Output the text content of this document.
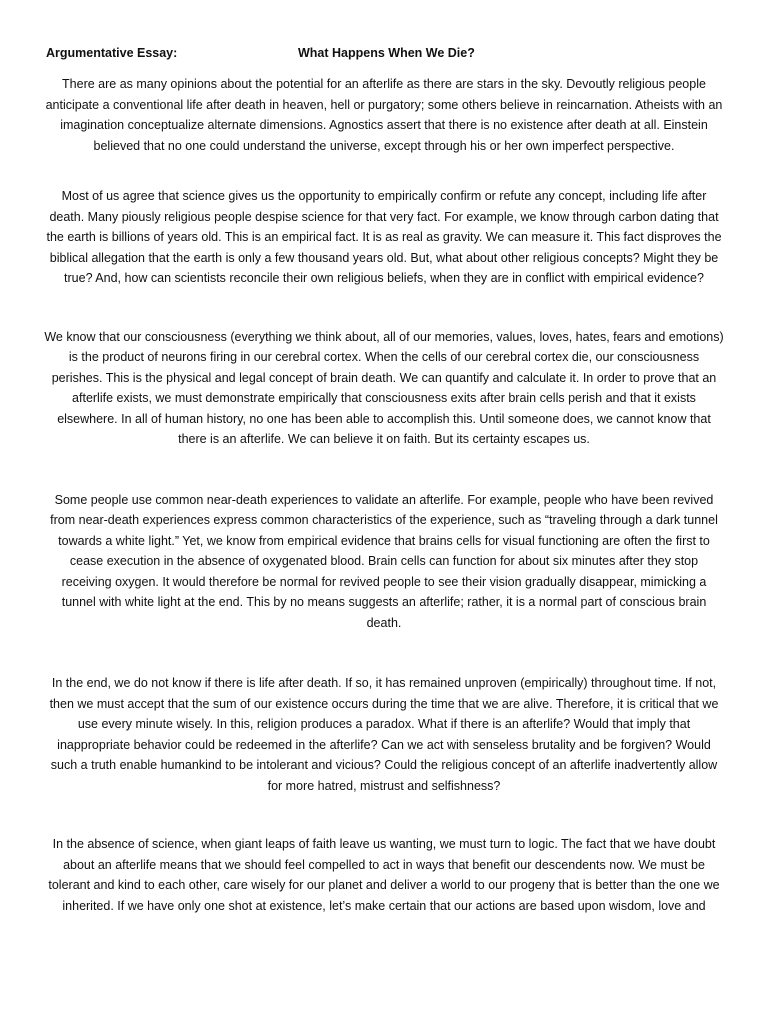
Argumentative Essay:	What Happens When We Die?

There are as many opinions about the potential for an afterlife as there are stars in the sky. Devoutly religious people anticipate a conventional life after death in heaven, hell or purgatory; some others believe in reincarnation. Atheists with an imagination conceptualize alternate dimensions. Agnostics assert that there is no existence after death at all. Einstein believed that no one could understand the universe, except through his or her own imperfect perspective.

Most of us agree that science gives us the opportunity to empirically confirm or refute any concept, including life after death. Many piously religious people despise science for that very fact. For example, we know through carbon dating that the earth is billions of years old. This is an empirical fact. It is as real as gravity. We can measure it. This fact disproves the biblical allegation that the earth is only a few thousand years old. But, what about other religious concepts? Might they be true? And, how can scientists reconcile their own religious beliefs, when they are in conflict with empirical evidence?

We know that our consciousness (everything we think about, all of our memories, values, loves, hates, fears and emotions) is the product of neurons firing in our cerebral cortex. When the cells of our cerebral cortex die, our consciousness perishes. This is the physical and legal concept of brain death. We can quantify and calculate it. In order to prove that an afterlife exists, we must demonstrate empirically that consciousness exits after brain cells perish and that it exists elsewhere. In all of human history, no one has been able to accomplish this. Until someone does, we cannot know that there is an afterlife. We can believe it on faith. But its certainty escapes us.

Some people use common near-death experiences to validate an afterlife. For example, people who have been revived from near-death experiences express common characteristics of the experience, such as “traveling through a dark tunnel towards a white light.” Yet, we know from empirical evidence that brains cells for visual functioning are often the first to cease execution in the absence of oxygenated blood. Brain cells can function for about six minutes after they stop receiving oxygen. It would therefore be normal for revived people to see their vision gradually disappear, mimicking a tunnel with white light at the end. This by no means suggests an afterlife; rather, it is a normal part of conscious brain death.

In the end, we do not know if there is life after death. If so, it has remained unproven (empirically) throughout time. If not, then we must accept that the sum of our existence occurs during the time that we are alive. Therefore, it is critical that we use every minute wisely. In this, religion produces a paradox. What if there is an afterlife? Would that imply that inappropriate behavior could be redeemed in the afterlife? Can we act with senseless brutality and be forgiven? Would such a truth enable humankind to be intolerant and vicious? Could the religious concept of an afterlife inadvertently allow for more hatred, mistrust and selfishness?

In the absence of science, when giant leaps of faith leave us wanting, we must turn to logic. The fact that we have doubt about an afterlife means that we should feel compelled to act in ways that benefit our descendents now. We must be tolerant and kind to each other, care wisely for our planet and deliver a world to our progeny that is better than the one we inherited. If we have only one shot at existence, let’s make certain that our actions are based upon wisdom, love and
